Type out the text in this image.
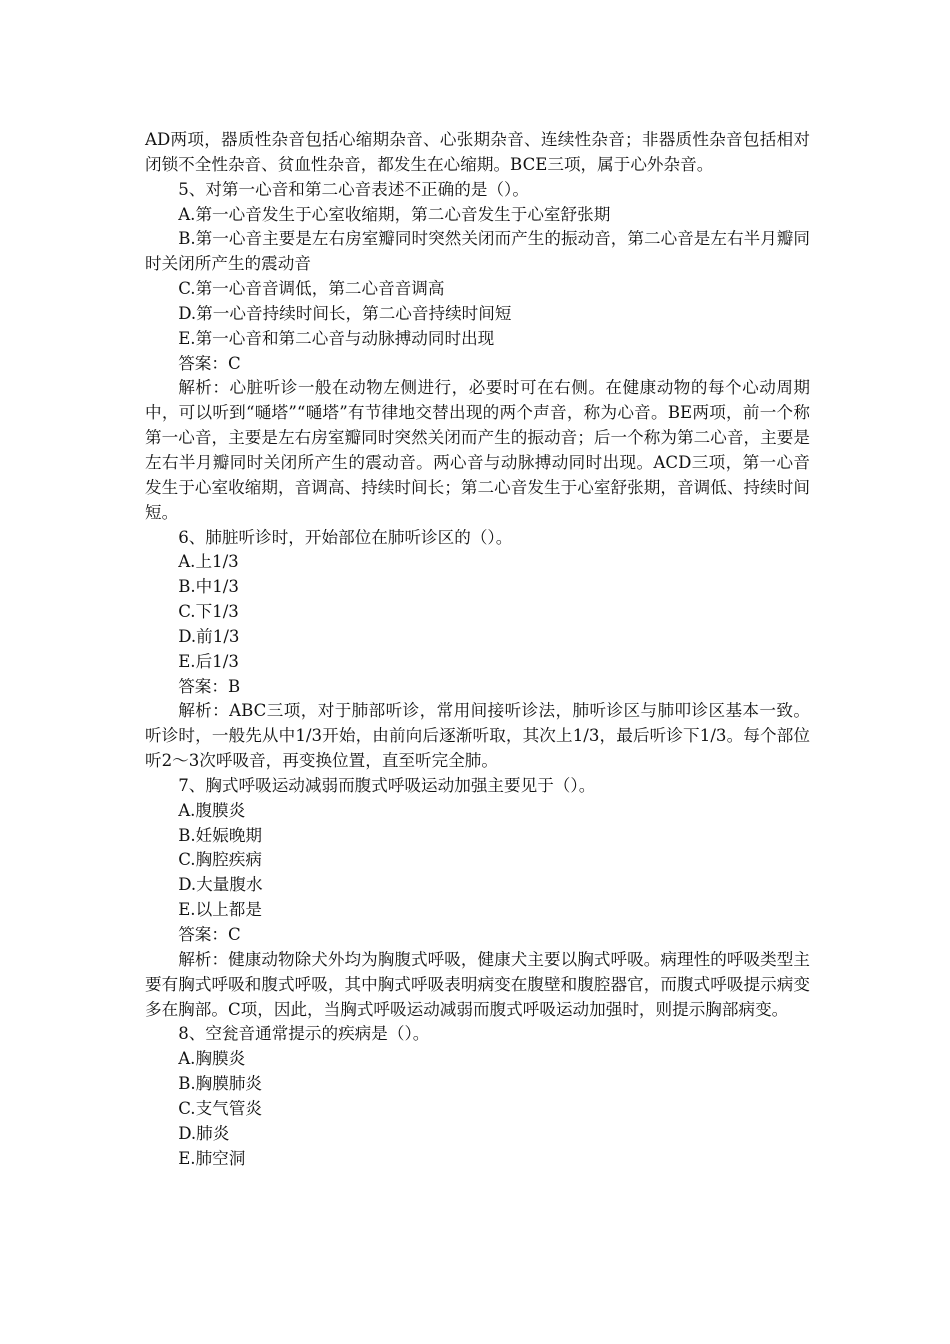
AD两项，器质性杂音包括心缩期杂音、心张期杂音、连续性杂音；非器质性杂音包括相对闭锁不全性杂音、贫血性杂音，都发生在心缩期。BCE三项，属于心外杂音。

5、对第一心音和第二心音表述不正确的是（）。

A.第一心音发生于心室收缩期，第二心音发生于心室舒张期

B.第一心音主要是左右房室瓣同时突然关闭而产生的振动音，第二心音是左右半月瓣同时关闭所产生的震动音

C.第一心音音调低，第二心音音调高

D.第一心音持续时间长，第二心音持续时间短

E.第一心音和第二心音与动脉搏动同时出现

答案：C

解析：心脏听诊一般在动物左侧进行，必要时可在右侧。在健康动物的每个心动周期中，可以听到“嗵塔”“嗵塔”有节律地交替出现的两个声音，称为心音。BE两项，前一个称第一心音，主要是左右房室瓣同时突然关闭而产生的振动音；后一个称为第二心音，主要是左右半月瓣同时关闭所产生的震动音。两心音与动脉搏动同时出现。ACD三项，第一心音发生于心室收缩期，音调高、持续时间长；第二心音发生于心室舒张期，音调低、持续时间短。

6、肺脏听诊时，开始部位在肺听诊区的（）。

A.上1/3

B.中1/3

C.下1/3

D.前1/3

E.后1/3

答案：B

解析：ABC三项，对于肺部听诊，常用间接听诊法，肺听诊区与肺叩诊区基本一致。听诊时，一般先从中1/3开始，由前向后逐渐听取，其次上1/3，最后听诊下1/3。每个部位听2～3次呼吸音，再变换位置，直至听完全肺。

7、胸式呼吸运动减弱而腹式呼吸运动加强主要见于（）。

A.腹膜炎

B.妊娠晚期

C.胸腔疾病

D.大量腹水

E.以上都是

答案：C

解析：健康动物除犬外均为胸腹式呼吸，健康犬主要以胸式呼吸。病理性的呼吸类型主要有胸式呼吸和腹式呼吸，其中胸式呼吸表明病变在腹壁和腹腔器官，而腹式呼吸提示病变多在胸部。C项，因此，当胸式呼吸运动减弱而腹式呼吸运动加强时，则提示胸部病变。

8、空瓮音通常提示的疾病是（）。

A.胸膜炎

B.胸膜肺炎

C.支气管炎

D.肺炎

E.肺空洞
